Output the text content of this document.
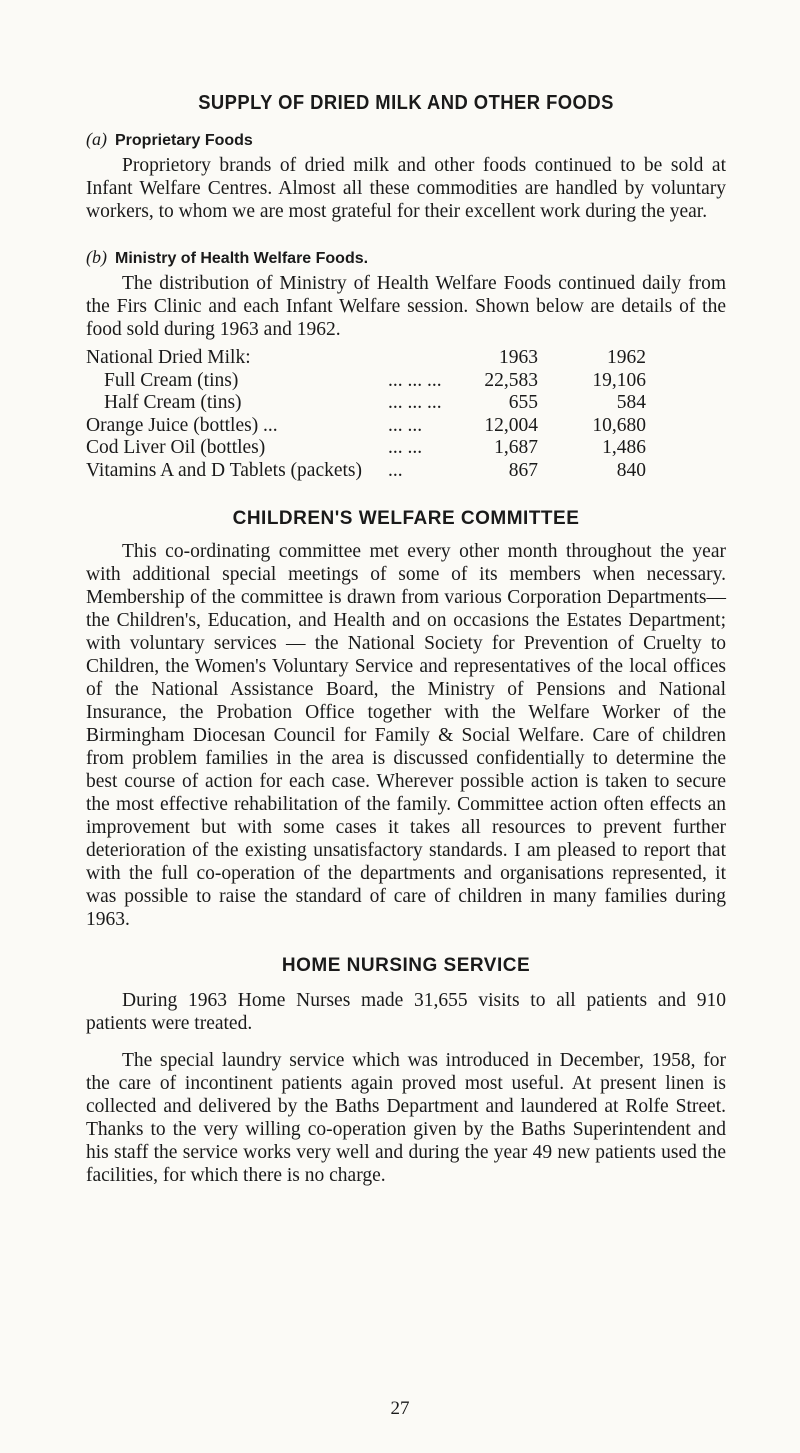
SUPPLY OF DRIED MILK AND OTHER FOODS
(a) Proprietary Foods

Proprietory brands of dried milk and other foods continued to be sold at Infant Welfare Centres. Almost all these commodities are handled by voluntary workers, to whom we are most grateful for their excellent work during the year.

(b) Ministry of Health Welfare Foods.

The distribution of Ministry of Health Welfare Foods continued daily from the Firs Clinic and each Infant Welfare session. Shown below are details of the food sold during 1963 and 1962.

National Dried Milk:		1963	1962
Full Cream (tins)	... ... ...	22,583	19,106
Half Cream (tins)	... ... ...	655	584
Orange Juice (bottles) ...	... ...	12,004	10,680
Cod Liver Oil (bottles)	... ...	1,687	1,486
Vitamins A and D Tablets (packets)	...	867	840
CHILDREN'S WELFARE COMMITTEE

This co-ordinating committee met every other month throughout the year with additional special meetings of some of its members when necessary. Membership of the committee is drawn from various Corporation Departments—the Children's, Education, and Health and on occasions the Estates Department; with voluntary services — the National Society for Prevention of Cruelty to Children, the Women's Voluntary Service and representatives of the local offices of the National Assistance Board, the Ministry of Pensions and National Insurance, the Probation Office together with the Welfare Worker of the Birmingham Diocesan Council for Family & Social Welfare. Care of children from problem families in the area is discussed confidentially to determine the best course of action for each case. Wherever possible action is taken to secure the most effective rehabilitation of the family. Committee action often effects an improvement but with some cases it takes all resources to prevent further deterioration of the existing unsatisfactory standards. I am pleased to report that with the full co-operation of the departments and organisations represented, it was possible to raise the standard of care of children in many families during 1963.

HOME NURSING SERVICE

During 1963 Home Nurses made 31,655 visits to all patients and 910 patients were treated.

The special laundry service which was introduced in December, 1958, for the care of incontinent patients again proved most useful. At present linen is collected and delivered by the Baths Department and laundered at Rolfe Street. Thanks to the very willing co-operation given by the Baths Superintendent and his staff the service works very well and during the year 49 new patients used the facilities, for which there is no charge.

27
